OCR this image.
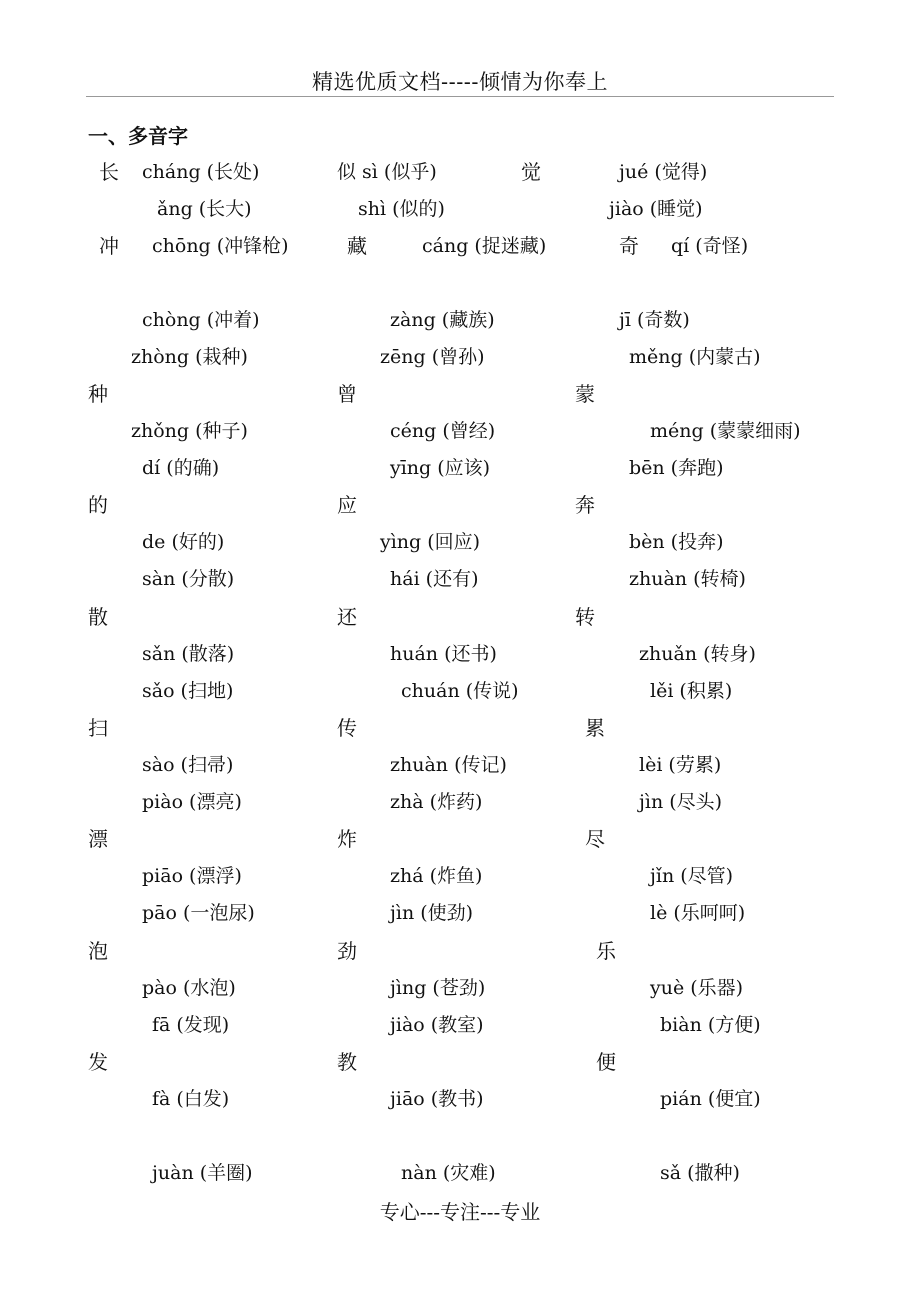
精选优质文档-----倾情为你奉上
一、多音字
长 cháng (长处)	似 sì (似乎)	觉	jué (觉得)
ǎng (长大)	shì (似的)	jiào (睡觉)
冲 chōng (冲锋枪)	藏	cáng (捉迷藏)	奇 qí (奇怪)
chòng (冲着)	zàng (藏族)	jī (奇数)
zhòng (栽种)	zēng (曾孙)	měng (内蒙古)
种	曾	蒙
zhǒng (种子)	céng (曾经)	méng (蒙蒙细雨)
dí (的确)	yīng (应该)	bēn (奔跑)
的	应	奔
de (好的)	yìng (回应)	bèn (投奔)
sàn (分散)	hái (还有)	zhuàn (转椅)
散	还	转
sǎn (散落)	huán (还书)	zhuǎn (转身)
sǎo (扫地)	chuán (传说)	lěi (积累)
扫	传	累
sào (扫帚)	zhuàn (传记)	lèi (劳累)
piào (漂亮)	zhà (炸药)	jìn (尽头)
漂	炸	尽
piāo (漂浮)	zhá (炸鱼)	jǐn (尽管)
pāo (一泡尿)	jìn (使劲)	lè (乐呵呵)
泡	劲	乐
pào (水泡)	jìng (苍劲)	yuè (乐器)
fā (发现)	jiào (教室)	biàn (方便)
发	教	便
fà (白发)	jiāo (教书)	pián (便宜)
juàn (羊圈)	nàn (灾难)	sǎ (撒种)
专心---专注---专业
